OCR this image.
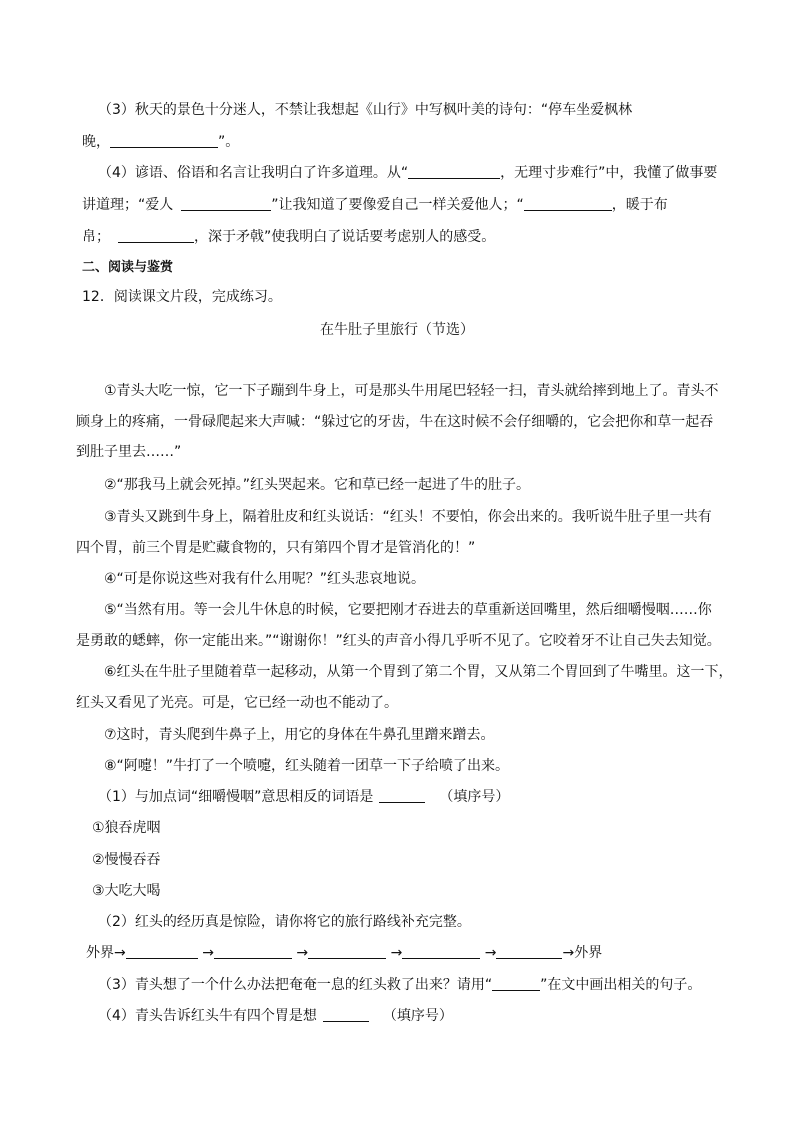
（3）秋天的景色十分迷人，不禁让我想起《山行》中写枫叶美的诗句：“停车坐爱枫林
晚，	”。
（4）谚语、俗语和名言让我明白了许多道理。从“	，无理寸步难行”中，我懂了做事要
讲道理；“爱人	”让我知道了要像爱自己一样关爱他人；“	，暖于布
帛；	，深于矛戟”使我明白了说话要考虑别人的感受。
二、阅读与鉴赏
12．阅读课文片段，完成练习。
在牛肚子里旅行（节选）
①青头大吃一惊，它一下子蹦到牛身上，可是那头牛用尾巴轻轻一扫，青头就给摔到地上了。青头不
顾身上的疼痛，一骨碌爬起来大声喊：“躲过它的牙齿，牛在这时候不会仔细嚼的，它会把你和草一起吞
到肚子里去……”
②“那我马上就会死掉。”红头哭起来。它和草已经一起进了牛的肚子。
③青头又跳到牛身上，隔着肚皮和红头说话：“红头！不要怕，你会出来的。我听说牛肚子里一共有
四个胃，前三个胃是贮藏食物的，只有第四个胃才是管消化的！”
④“可是你说这些对我有什么用呢？”红头悲哀地说。
⑤“当然有用。等一会儿牛休息的时候，它要把刚才吞进去的草重新送回嘴里，然后细嚼慢咽……你
是勇敢的蟋蟀，你一定能出来。”“谢谢你！”红头的声音小得几乎听不见了。它咬着牙不让自己失去知觉。
⑥红头在牛肚子里随着草一起移动，从第一个胃到了第二个胃，又从第二个胃回到了牛嘴里。这一下，
红头又看见了光亮。可是，它已经一动也不能动了。
⑦这时，青头爬到牛鼻子上，用它的身体在牛鼻孔里蹭来蹭去。
⑧“阿嚏！”牛打了一个喷嚏，红头随着一团草一下子给喷了出来。
（1）与加点词“细嚼慢咽”意思相反的词语是	（填序号）
①狼吞虎咽
②慢慢吞吞
③大吃大喝
（2）红头的经历真是惊险，请你将它的旅行路线补充完整。
外界→	→	→	→	→	→外界
（3）青头想了一个什么办法把奄奄一息的红头救了出来？请用“	”在文中画出相关的句子。
（4）青头告诉红头牛有四个胃是想	（填序号）
